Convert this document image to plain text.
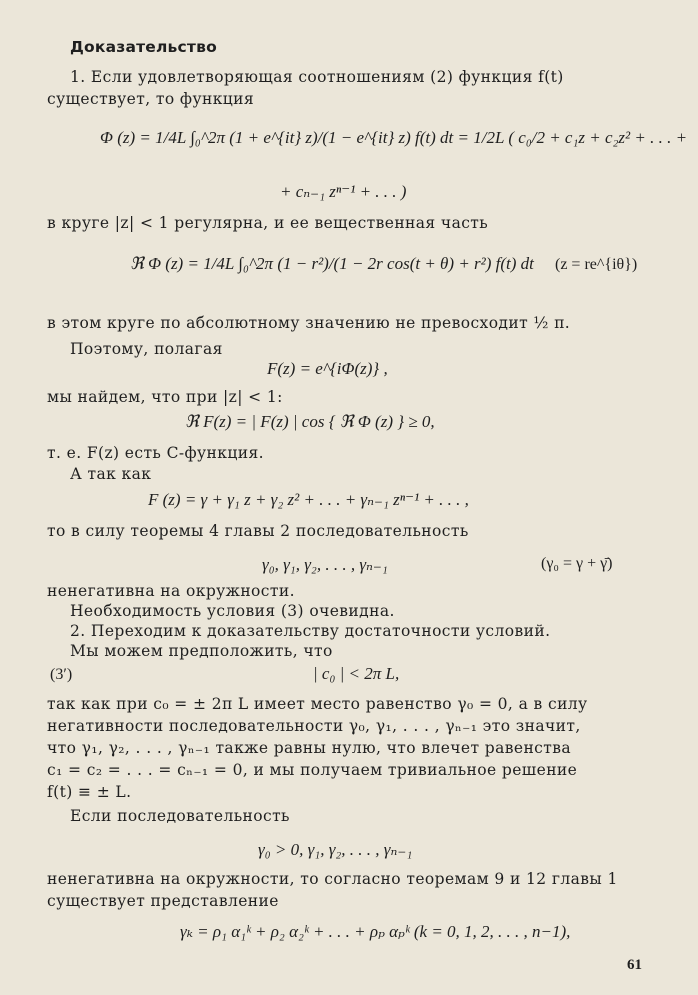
Доказательство
1. Если удовлетворяющая соотношениям (2) функция f(t)
существует, то функция
Φ (z) = 1/4L ∫₀^2π (1 + e^{it} z)/(1 − e^{it} z) f(t) dt = 1/2L ( c₀/2 + c₁z + c₂z² + . . . +
+ cₙ₋₁ zⁿ⁻¹ + . . . )
в круге |z| < 1 регулярна, и ее вещественная часть
ℜ Φ (z) = 1/4L ∫₀^2π (1 − r²)/(1 − 2r cos(t + θ) + r²) f(t) dt (z = re^{iθ})
в этом круге по абсолютному значению не превосходит ½ π.
Поэтому, полагая
F(z) = e^{iΦ(z)} ,
мы найдем, что при |z| < 1:
ℜ F(z) = | F(z) | cos { ℜ Φ (z) } ≥ 0,
т. е. F(z) есть C-функция.
А так как
F (z) = γ + γ₁ z + γ₂ z² + . . . + γₙ₋₁ zⁿ⁻¹ + . . . ,
то в силу теоремы 4 главы 2 последовательность
γ₀, γ₁, γ₂, . . . , γₙ₋₁	(γ₀ = γ + γ̄)
ненегативна на окружности.
Необходимость условия (3) очевидна.
2. Переходим к доказательству достаточности условий.
Мы можем предположить, что
(3′)	| c₀ | < 2π L,
так как при c₀ = ± 2π L имеет место равенство γ₀ = 0, а в силу
негативности последовательности γ₀, γ₁, . . . , γₙ₋₁ это значит,
что γ₁, γ₂, . . . , γₙ₋₁ также равны нулю, что влечет равенства
c₁ = c₂ = . . . = cₙ₋₁ = 0, и мы получаем тривиальное решение
f(t) ≡ ± L.
Если последовательность
γ₀ > 0, γ₁, γ₂, . . . , γₙ₋₁
ненегативна на окружности, то согласно теоремам 9 и 12 главы 1
существует представление
γₖ = ρ₁ α₁ᵏ + ρ₂ α₂ᵏ + . . . + ρₚ αₚᵏ (k = 0, 1, 2, . . . , n−1),
61
